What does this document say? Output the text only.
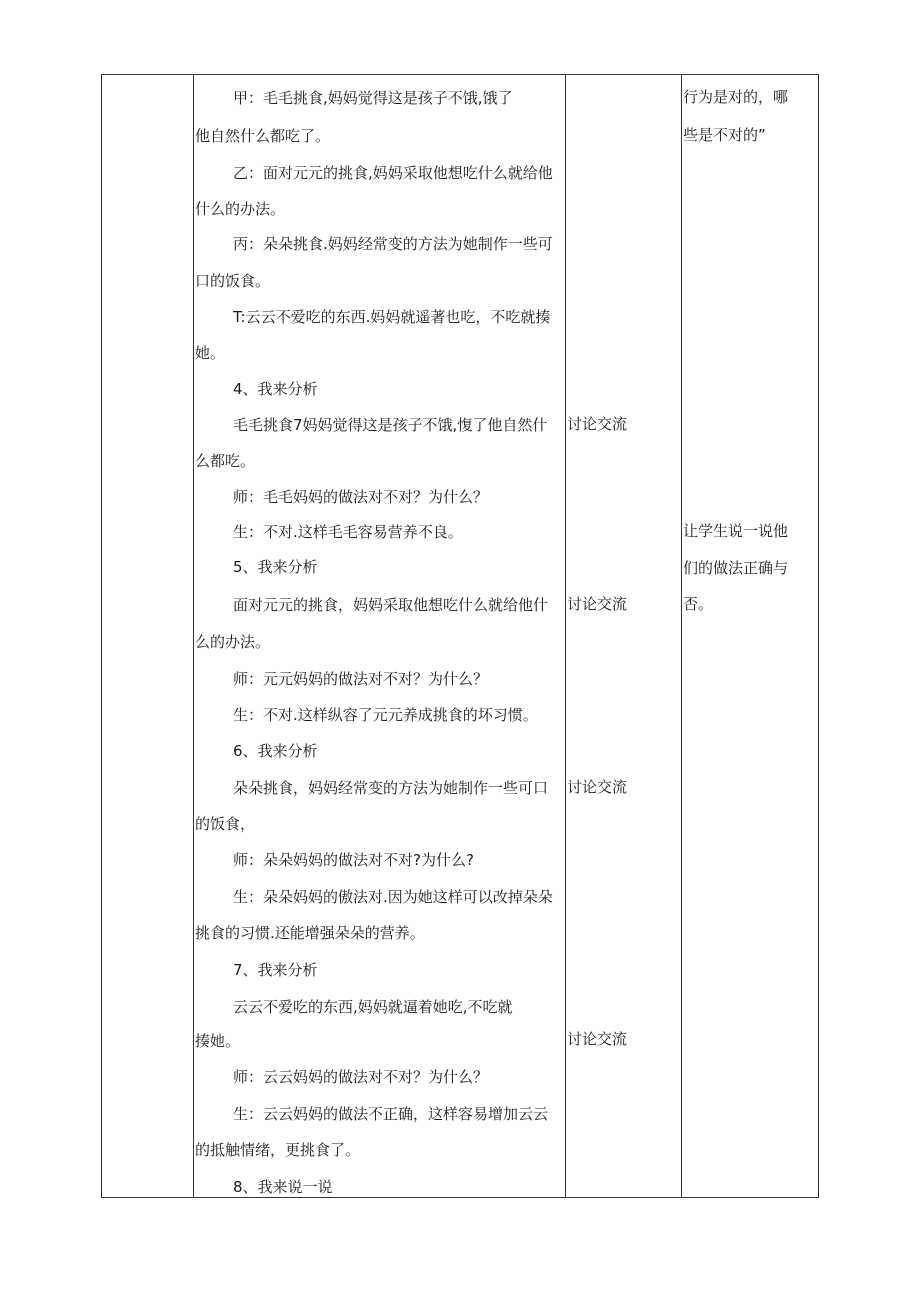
甲：毛毛挑食,妈妈觉得这是孩子不饿,饿了
他自然什么都吃了。
乙：面对元元的挑食,妈妈采取他想吃什么就给他
什么的办法。
丙：朵朵挑食.妈妈经常变的方法为她制作一些可
口的饭食。
T:云云不爱吃的东西.妈妈就遥著也吃，不吃就揍
她。
4、我来分析
毛毛挑食7妈妈觉得这是孩子不饿,愎了他自然什
么都吃。
师：毛毛妈妈的做法对不对？为什么？
生：不对.这样毛毛容易营养不良。
5、我来分析
面对元元的挑食，妈妈采取他想吃什么就给他什
么的办法。
师：元元妈妈的做法对不对？为什么？
生：不对.这样纵容了元元养成挑食的坏习惯。
6、我来分析
朵朵挑食，妈妈经常变的方法为她制作一些可口
的饭食，
师：朵朵妈妈的做法对不对?为什么?
生：朵朵妈妈的傲法对.因为她这样可以改掉朵朵
挑食的习惯.还能增强朵朵的营养。
7、我来分析
云云不爱吃的东西,妈妈就逼着她吃,不吃就
揍她。
师：云云妈妈的做法对不对？为什么？
生：云云妈妈的做法不正确，这样容易增加云云
的抵触情绪，更挑食了。
8、我来说一说
讨论交流
讨论交流
讨论交流
讨论交流
行为是对的，哪
些是不对的”
让学生说一说他
们的做法正确与
否。
